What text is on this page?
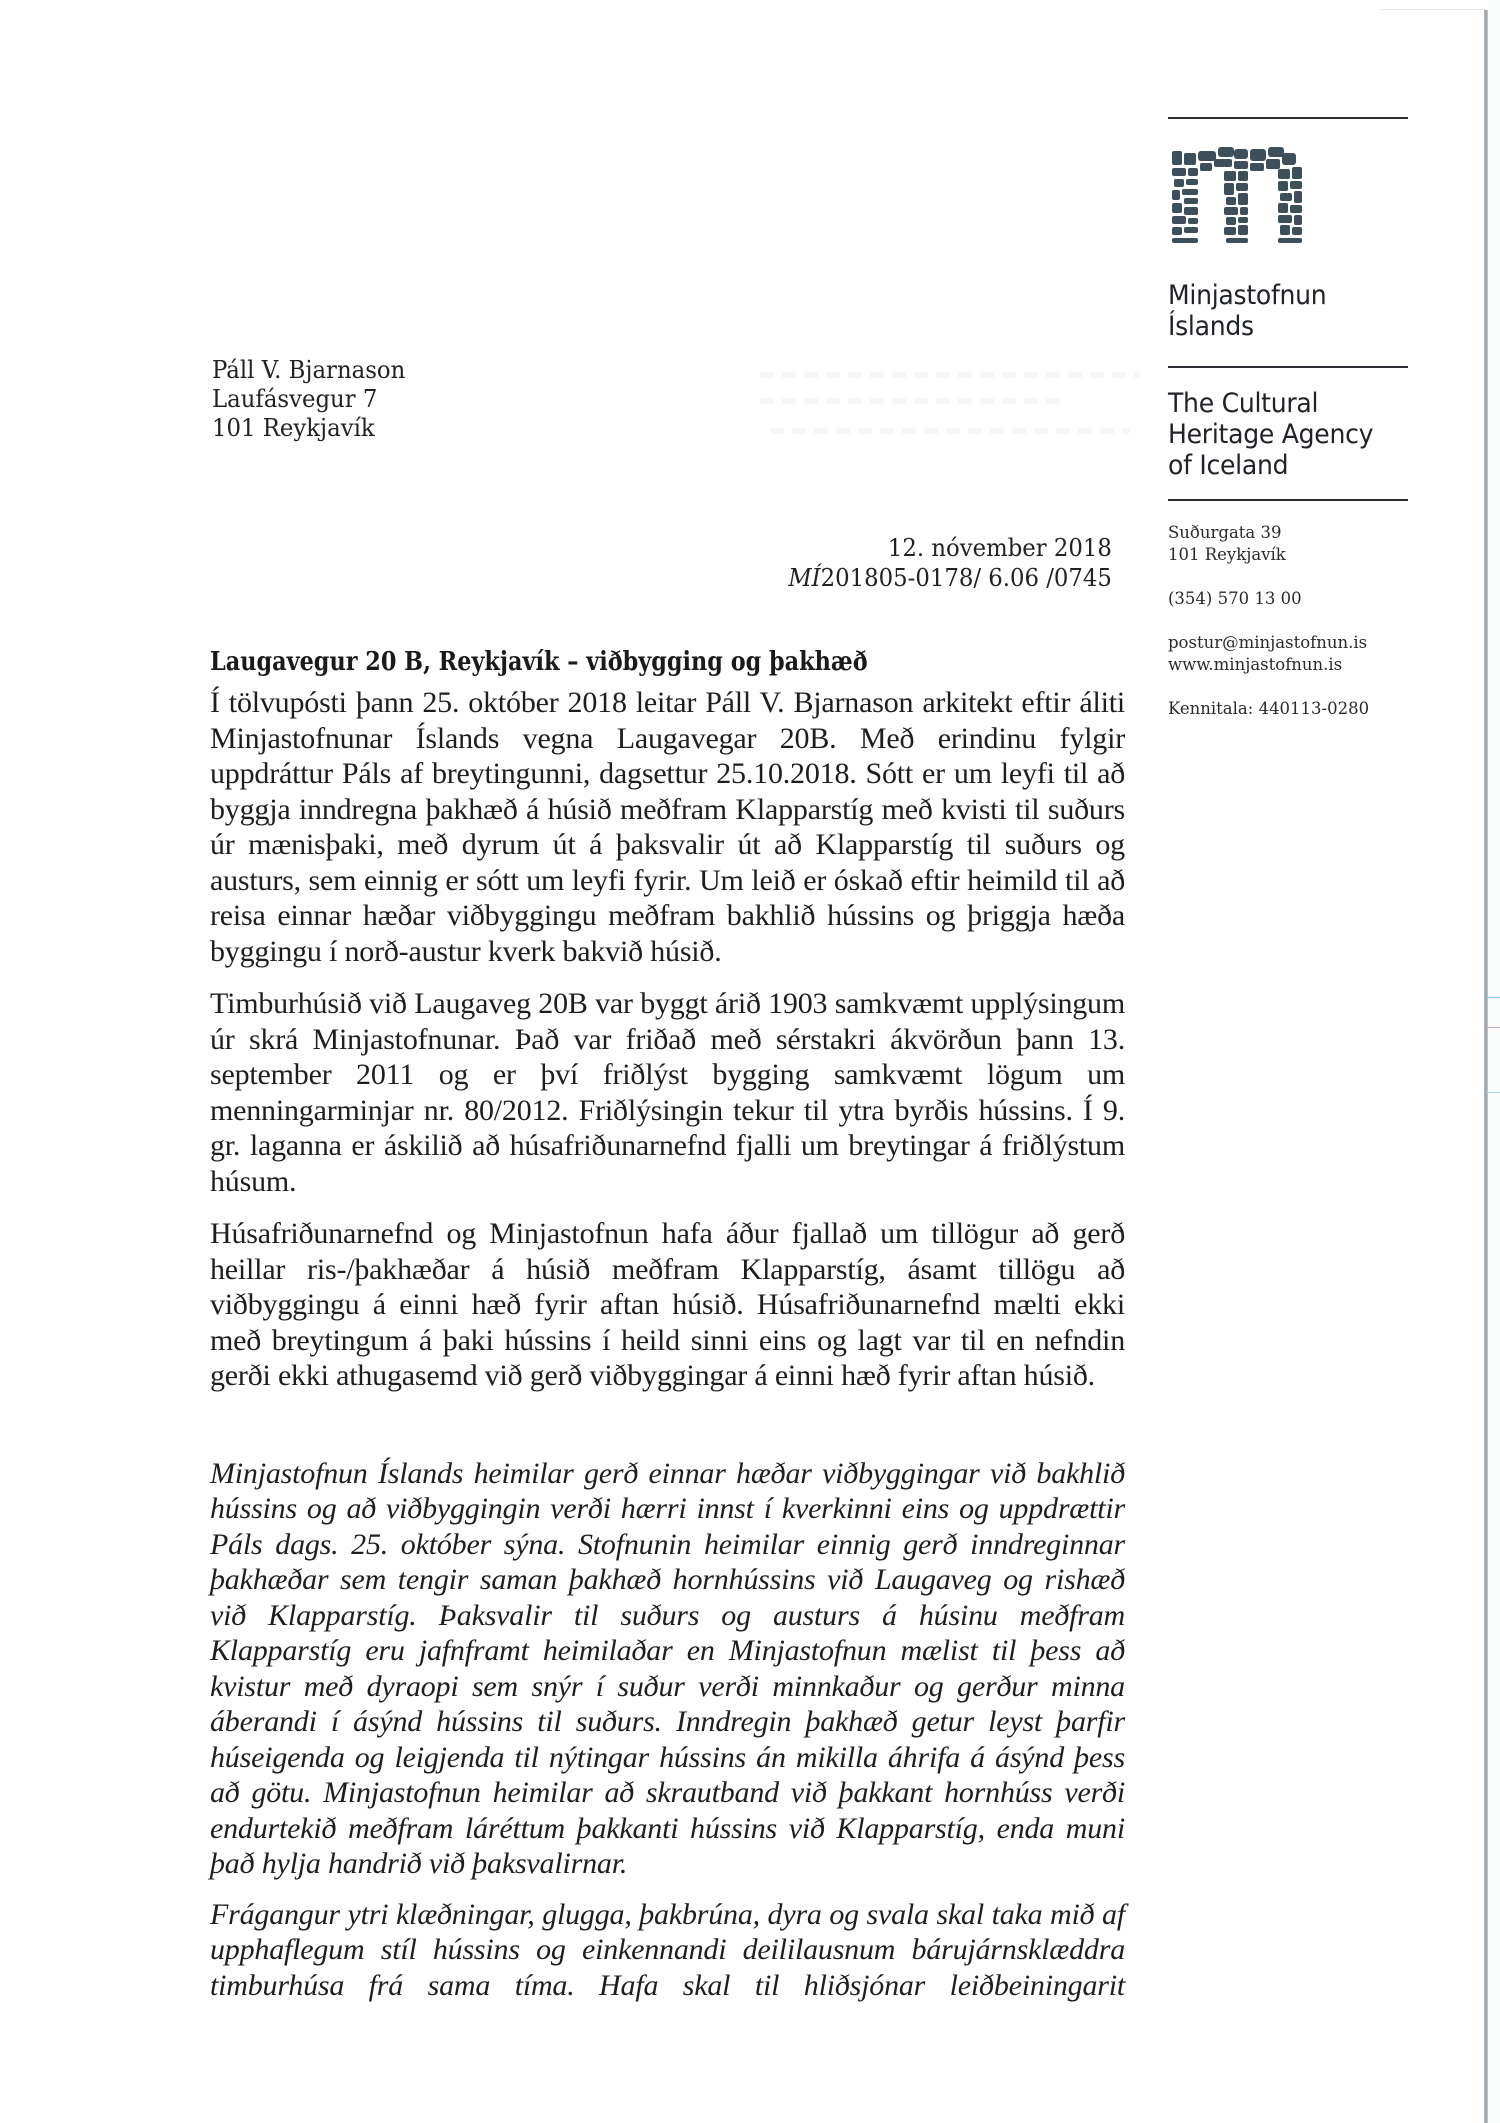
Minjastofnun
Íslands
The Cultural
Heritage Agency
of Iceland
Suðurgata 39
101 Reykjavík
(354) 570 13 00
postur@minjastofnun.is
www.minjastofnun.is
Kennitala: 440113-0280
Páll V. Bjarnason
Laufásvegur 7
101 Reykjavík
12. nóvember 2018
MÍ201805-0178/ 6.06 /0745
Laugavegur 20 B, Reykjavík – viðbygging og þakhæð

Í tölvupósti þann 25. október 2018 leitar Páll V. Bjarnason arkitekt eftir áliti Minjastofnunar Íslands vegna Laugavegar 20B. Með erindinu fylgir uppdráttur Páls af breytingunni, dagsettur 25.10.2018. Sótt er um leyfi til að byggja inndregna þakhæð á húsið meðfram Klapparstíg með kvisti til suðurs úr mænisþaki, með dyrum út á þaksvalir út að Klapparstíg til suðurs og austurs, sem einnig er sótt um leyfi fyrir. Um leið er óskað eftir heimild til að reisa einnar hæðar viðbyggingu meðfram bakhlið hússins og þriggja hæða byggingu í norð-austur kverk bakvið húsið.

Timburhúsið við Laugaveg 20B var byggt árið 1903 samkvæmt upplýsingum úr skrá Minjastofnunar. Það var friðað með sérstakri ákvörðun þann 13. september 2011 og er því friðlýst bygging samkvæmt lögum um menningarminjar nr. 80/2012. Friðlýsingin tekur til ytra byrðis hússins. Í 9. gr. laganna er áskilið að húsafriðunarnefnd fjalli um breytingar á friðlýstum húsum.

Húsafriðunarnefnd og Minjastofnun hafa áður fjallað um tillögur að gerð heillar ris-/þakhæðar á húsið meðfram Klapparstíg, ásamt tillögu að viðbyggingu á einni hæð fyrir aftan húsið. Húsafriðunarnefnd mælti ekki með breytingum á þaki hússins í heild sinni eins og lagt var til en nefndin gerði ekki athugasemd við gerð viðbyggingar á einni hæð fyrir aftan húsið.

Minjastofnun Íslands heimilar gerð einnar hæðar viðbyggingar við bakhlið hússins og að viðbyggingin verði hærri innst í kverkinni eins og uppdrættir Páls dags. 25. október sýna. Stofnunin heimilar einnig gerð inndreginnar þakhæðar sem tengir saman þakhæð hornhússins við Laugaveg og rishæð við Klapparstíg. Þaksvalir til suðurs og austurs á húsinu meðfram Klapparstíg eru jafnframt heimilaðar en Minjastofnun mælist til þess að kvistur með dyraopi sem snýr í suður verði minnkaður og gerður minna áberandi í ásýnd hússins til suðurs. Inndregin þakhæð getur leyst þarfir húseigenda og leigjenda til nýtingar hússins án mikilla áhrifa á ásýnd þess að götu. Minjastofnun heimilar að skrautband við þakkant hornhúss verði endurtekið meðfram láréttum þakkanti hússins við Klapparstíg, enda muni það hylja handrið við þaksvalirnar.

Frágangur ytri klæðningar, glugga, þakbrúna, dyra og svala skal taka mið af upphaflegum stíl hússins og einkennandi deililausnum bárujárnsklæddra timburhúsa frá sama tíma. Hafa skal til hliðsjónar leiðbeiningarit
